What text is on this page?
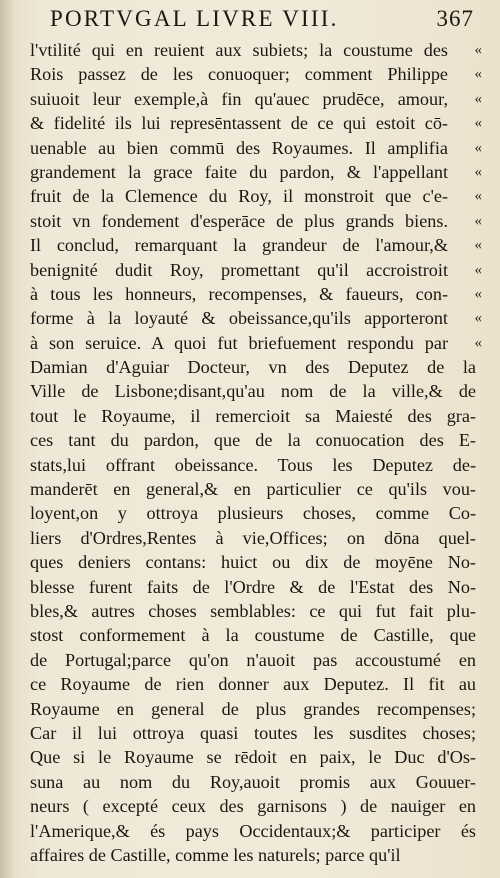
PORTVGAL LIVRE VIII.	367
l'vtilité qui en reuient aux subiets; la coustume des «
Rois passez de les conuoquer; comment Philippe «
suiuoit leur exemple,à fin qu'auec prudēce, amour, «
& fidelité ils lui represēntassent de ce qui estoit cō- «
uenable au bien commū des Royaumes. Il amplifia «
grandement la grace faite du pardon, & l'appellant «
fruit de la Clemence du Roy, il monstroit que c'e- «
stoit vn fondement d'esperāce de plus grands biens. «
Il conclud, remarquant la grandeur de l'amour,& «
benignité dudit Roy, promettant qu'il accroistroit «
à tous les honneurs, recompenses, & faueurs, con- «
forme à la loyauté & obeissance,qu'ils apporteront «
à son seruice. A quoi fut briefuement respondu par «
Damian d'Aguiar Docteur, vn des Deputez de la
Ville de Lisbone;disant,qu'au nom de la ville,& de
tout le Royaume, il remercioit sa Maiesté des gra-
ces tant du pardon, que de la conuocation des E-
stats,lui offrant obeissance. Tous les Deputez de-
manderēt en general,& en particulier ce qu'ils vou-
loyent,on y ottroya plusieurs choses, comme Co-
liers d'Ordres,Rentes à vie,Offices; on dōna quel-
ques deniers contans: huict ou dix de moyēne No-
blesse furent faits de l'Ordre & de l'Estat des No-
bles,& autres choses semblables: ce qui fut fait plu-
stost conformement à la coustume de Castille, que
de Portugal;parce qu'on n'auoit pas accoustumé en
ce Royaume de rien donner aux Deputez. Il fit au
Royaume en general de plus grandes recompenses;
Car il lui ottroya quasi toutes les susdites choses;
Que si le Royaume se rēdoit en paix, le Duc d'Os-
suna au nom du Roy,auoit promis aux Gouuer-
neurs ( excepté ceux des garnisons ) de nauiger en
l'Amerique,& és pays Occidentaux;& participer és
affaires de Castille, comme les naturels; parce qu'il
